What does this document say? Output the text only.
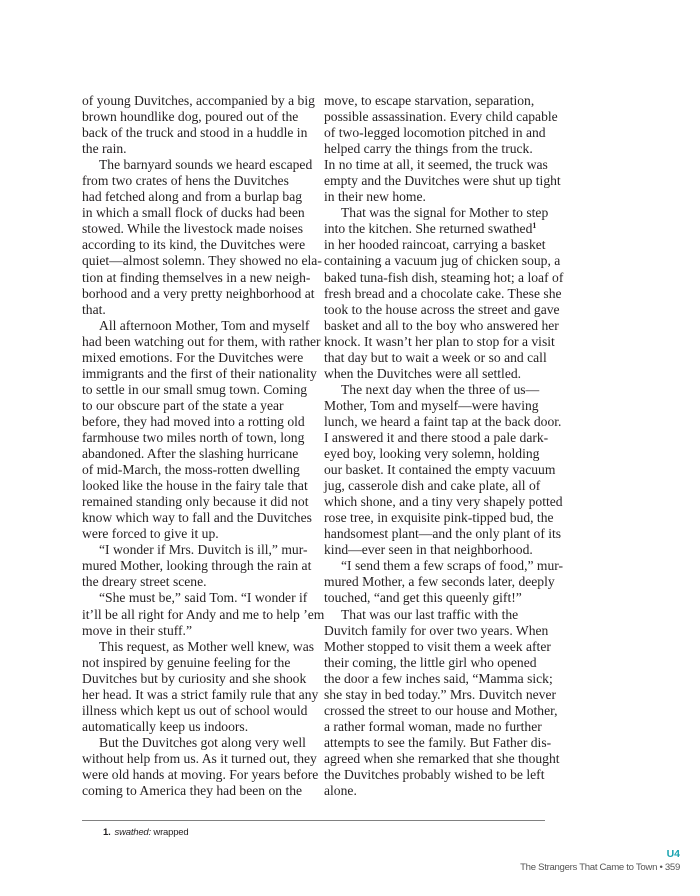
of young Duvitches, accompanied by a big
brown houndlike dog, poured out of the
back of the truck and stood in a huddle in
the rain.
The barnyard sounds we heard escaped
from two crates of hens the Duvitches
had fetched along and from a burlap bag
in which a small flock of ducks had been
stowed. While the livestock made noises
according to its kind, the Duvitches were
quiet—almost solemn. They showed no ela-
tion at finding themselves in a new neigh-
borhood and a very pretty neighborhood at
that.
All afternoon Mother, Tom and myself
had been watching out for them, with rather
mixed emotions. For the Duvitches were
immigrants and the first of their nationality
to settle in our small smug town. Coming
to our obscure part of the state a year
before, they had moved into a rotting old
farmhouse two miles north of town, long
abandoned. After the slashing hurricane
of mid-March, the moss-rotten dwelling
looked like the house in the fairy tale that
remained standing only because it did not
know which way to fall and the Duvitches
were forced to give it up.
“I wonder if Mrs. Duvitch is ill,” mur-
mured Mother, looking through the rain at
the dreary street scene.
“She must be,” said Tom. “I wonder if
it’ll be all right for Andy and me to help ’em
move in their stuff.”
This request, as Mother well knew, was
not inspired by genuine feeling for the
Duvitches but by curiosity and she shook
her head. It was a strict family rule that any
illness which kept us out of school would
automatically keep us indoors.
But the Duvitches got along very well
without help from us. As it turned out, they
were old hands at moving. For years before
coming to America they had been on the
move, to escape starvation, separation,
possible assassination. Every child capable
of two-legged locomotion pitched in and
helped carry the things from the truck.
In no time at all, it seemed, the truck was
empty and the Duvitches were shut up tight
in their new home.
That was the signal for Mother to step
into the kitchen. She returned swathed$^1$
in her hooded raincoat, carrying a basket
containing a vacuum jug of chicken soup, a
baked tuna-fish dish, steaming hot; a loaf of
fresh bread and a chocolate cake. These she
took to the house across the street and gave
basket and all to the boy who answered her
knock. It wasn’t her plan to stop for a visit
that day but to wait a week or so and call
when the Duvitches were all settled.
The next day when the three of us—
Mother, Tom and myself—were having
lunch, we heard a faint tap at the back door.
I answered it and there stood a pale dark-
eyed boy, looking very solemn, holding
our basket. It contained the empty vacuum
jug, casserole dish and cake plate, all of
which shone, and a tiny very shapely potted
rose tree, in exquisite pink-tipped bud, the
handsomest plant—and the only plant of its
kind—ever seen in that neighborhood.
“I send them a few scraps of food,” mur-
mured Mother, a few seconds later, deeply
touched, “and get this queenly gift!”
That was our last traffic with the
Duvitch family for over two years. When
Mother stopped to visit them a week after
their coming, the little girl who opened
the door a few inches said, “Mamma sick;
she stay in bed today.” Mrs. Duvitch never
crossed the street to our house and Mother,
a rather formal woman, made no further
attempts to see the family. But Father dis-
agreed when she remarked that she thought
the Duvitches probably wished to be left
alone.
1. swathed: wrapped
U4
The Strangers That Came to Town • 359
